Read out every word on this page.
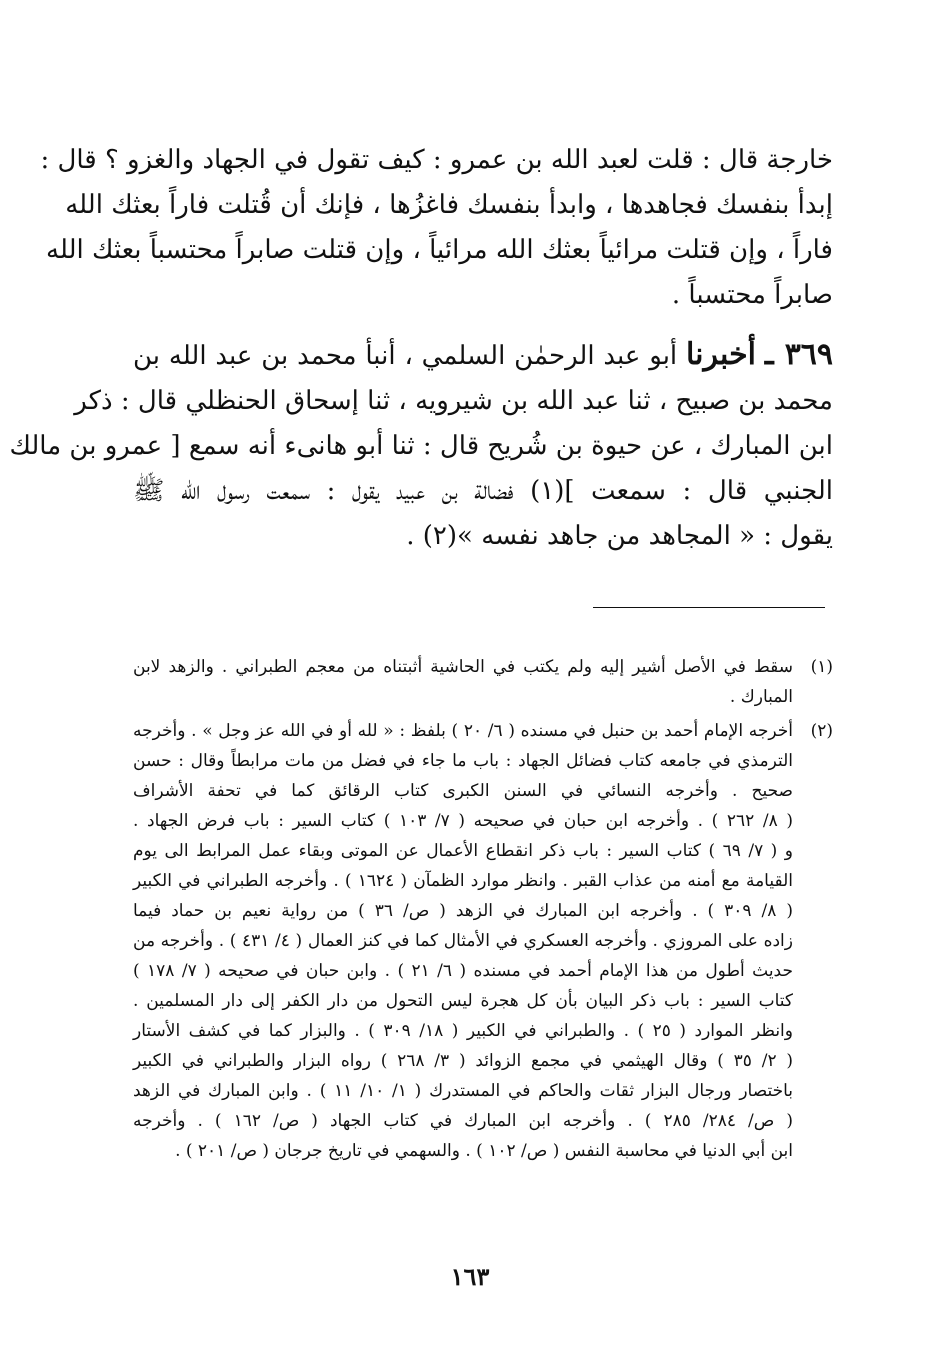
خارجة قال : قلت لعبد الله بن عمرو : كيف تقول في الجهاد والغزو ؟ قال :
إبدأ بنفسك فجاهدها ، وابدأ بنفسك فاغزُها ، فإنك أن قُتلت فاراً بعثك الله
فاراً ، وإن قتلت مرائياً بعثك الله مرائياً ، وإن قتلت صابراً محتسباً بعثك الله
صابراً محتسباً .
٣٦٩ ـ أخبرنا أبو عبد الرحمٰن السلمي ، أنبأ محمد بن عبد الله بن
محمد بن صبيح ، ثنا عبد الله بن شيرويه ، ثنا إسحاق الحنظلي قال : ذكر
ابن المبارك ، عن حيوة بن شُريح قال : ثنا أبو هانىء أنه سمع [ عمرو بن مالك
الجنبي قال : سمعت ](١) فضالة بن عبيد يقول : سمعت رسول الله ﷺ
يقول : « المجاهد من جاهد نفسه »(٢) .
(١)
سقط في الأصل أشير إليه ولم يكتب في الحاشية أثبتناه من معجم الطبراني . والزهد لابن
المبارك .
(٢)
أخرجه الإمام أحمد بن حنبل في مسنده ( ٦/ ٢٠ ) بلفظ : « لله أو في الله عز وجل » . وأخرجه
الترمذي في جامعه كتاب فضائل الجهاد : باب ما جاء في فضل من مات مرابطاً وقال : حسن
صحيح . وأخرجه النسائي في السنن الكبرى كتاب الرقائق كما في تحفة الأشراف
( ٨/ ٢٦٢ ) . وأخرجه ابن حبان في صحيحه ( ٧/ ١٠٣ ) كتاب السير : باب فرض الجهاد .
و ( ٧/ ٦٩ ) كتاب السير : باب ذكر انقطاع الأعمال عن الموتى وبقاء عمل المرابط الى يوم
القيامة مع أمنه من عذاب القبر . وانظر موارد الظمآن ( ١٦٢٤ ) . وأخرجه الطبراني في الكبير
( ٨/ ٣٠٩ ) . وأخرجه ابن المبارك في الزهد ( ص/ ٣٦ ) من رواية نعيم بن حماد فيما
زاده على المروزي . وأخرجه العسكري في الأمثال كما في كنز العمال ( ٤/ ٤٣١ ) . وأخرجه من
حديث أطول من هذا الإمام أحمد في مسنده ( ٦/ ٢١ ) . وابن حبان في صحيحه ( ٧/ ١٧٨ )
كتاب السير : باب ذكر البيان بأن كل هجرة ليس التحول من دار الكفر إلى دار المسلمين .
وانظر الموارد ( ٢٥ ) . والطبراني في الكبير ( ١٨/ ٣٠٩ ) . والبزار كما في كشف الأستار
( ٢/ ٣٥ ) وقال الهيثمي في مجمع الزوائد ( ٣/ ٢٦٨ ) رواه البزار والطبراني في الكبير
باختصار ورجال البزار ثقات والحاكم في المستدرك ( ١/ ١٠/ ١١ ) . وابن المبارك في الزهد
( ص/ ٢٨٤/ ٢٨٥ ) . وأخرجه ابن المبارك في كتاب الجهاد ( ص/ ١٦٢ ) . وأخرجه
ابن أبي الدنيا في محاسبة النفس ( ص/ ١٠٢ ) . والسهمي في تاريخ جرجان ( ص/ ٢٠١ ) .
١٦٣
